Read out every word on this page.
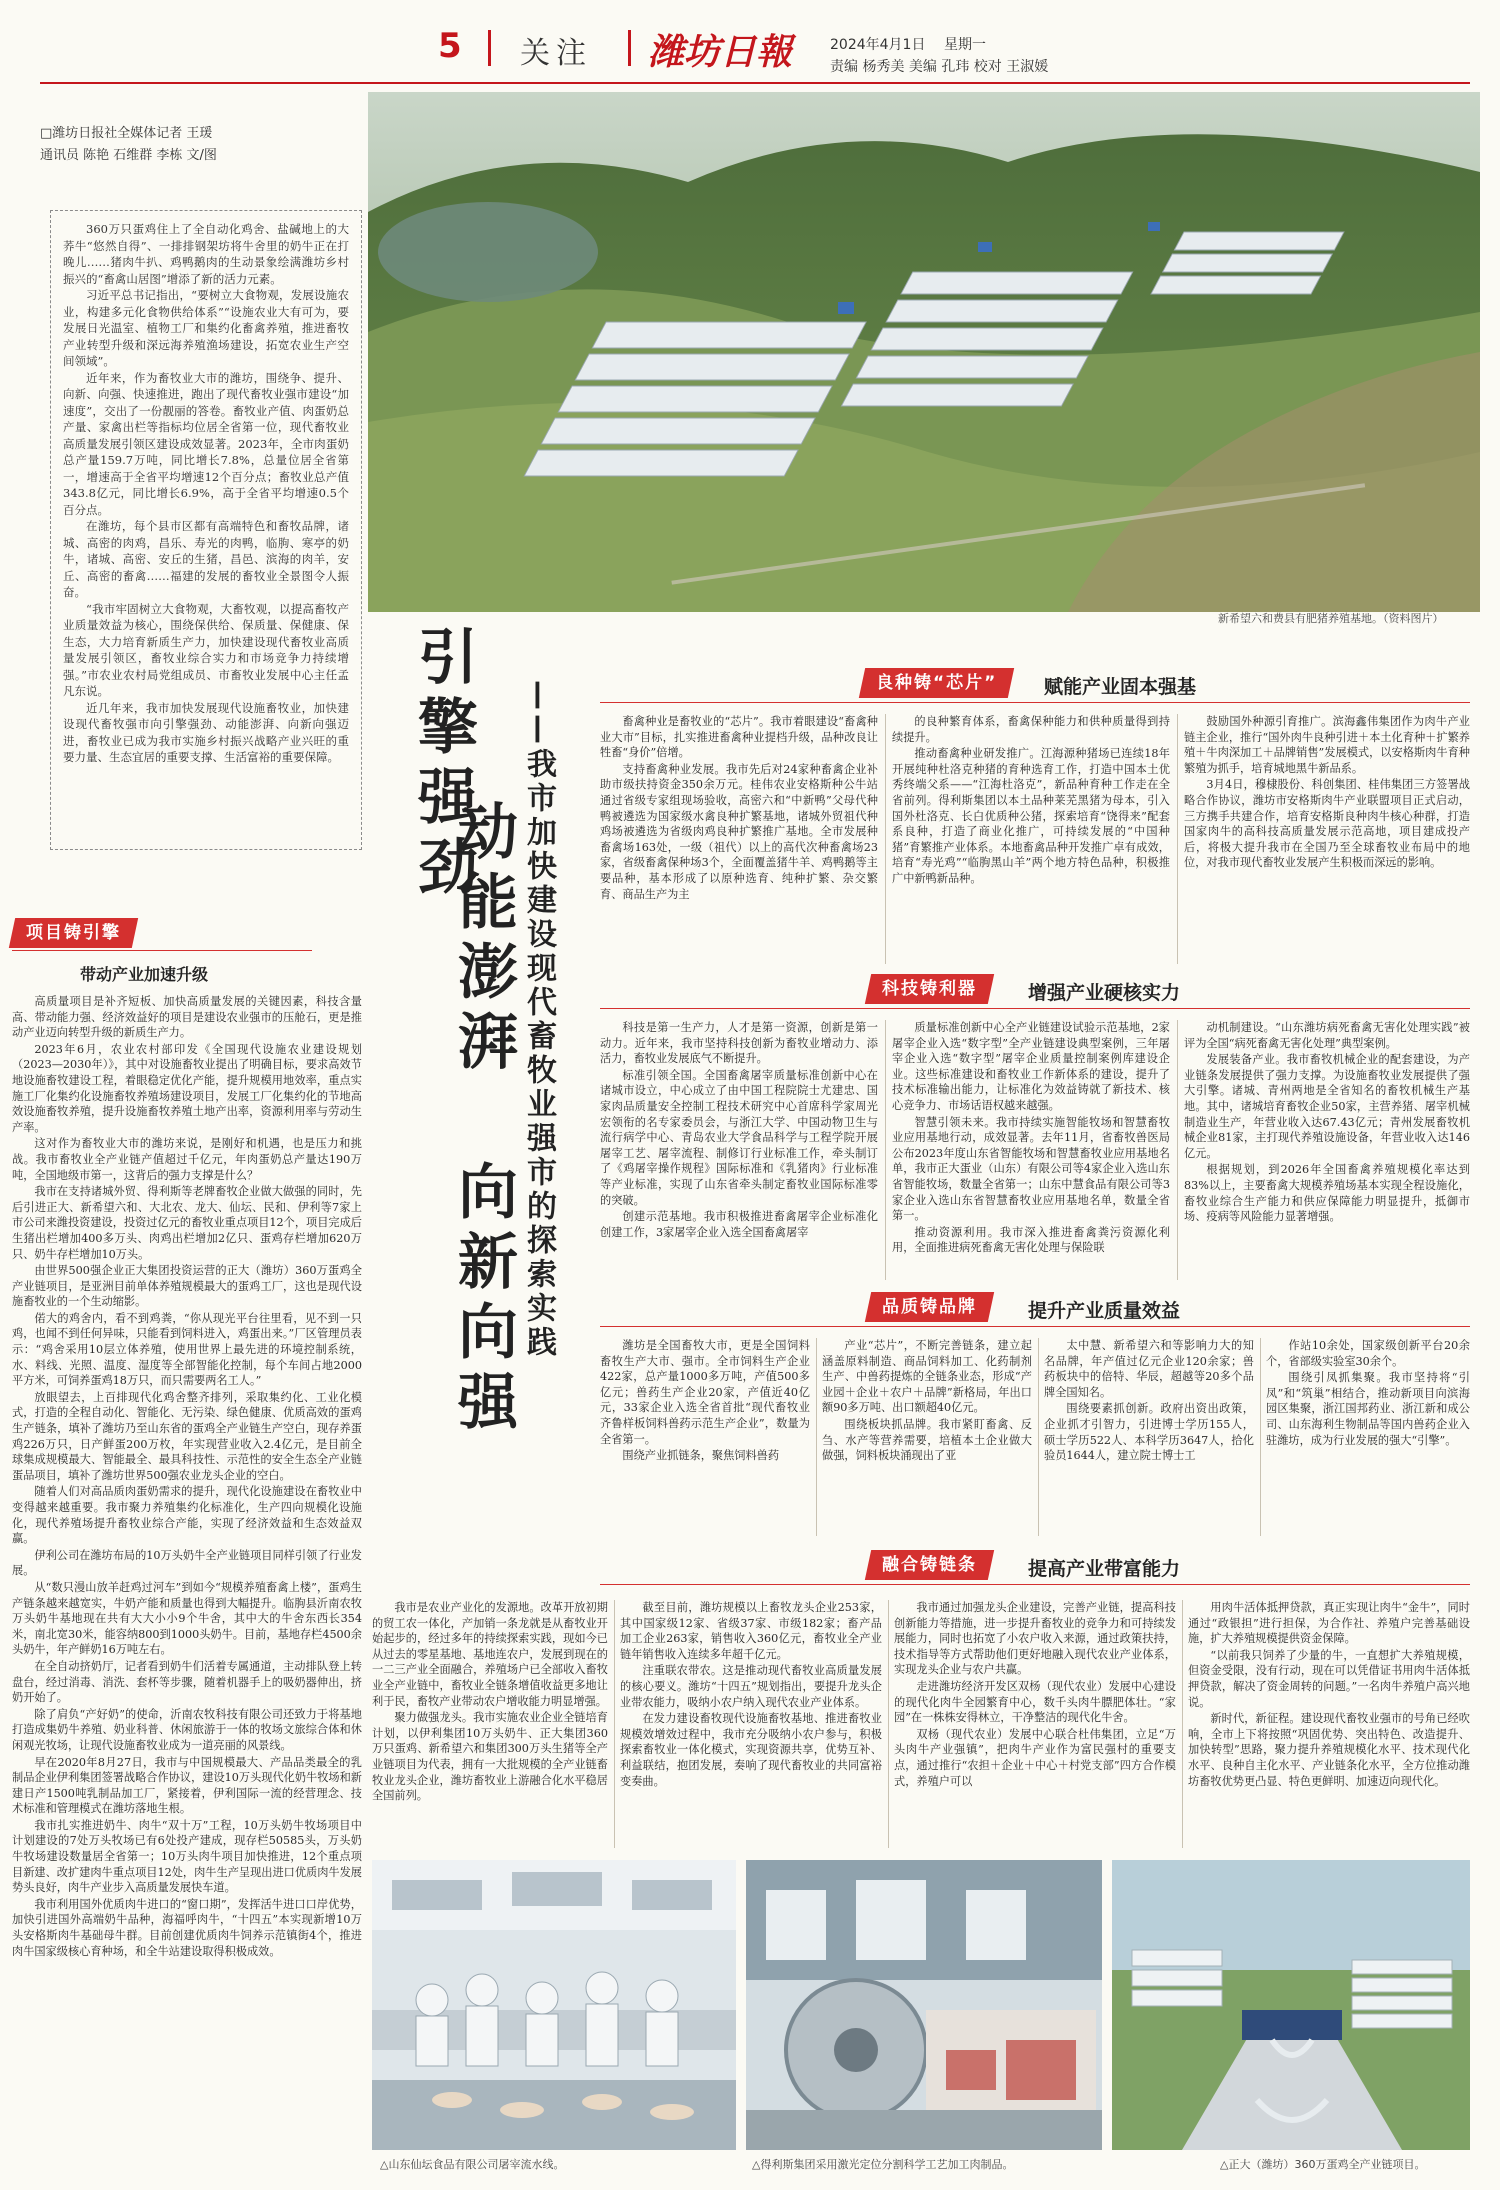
5 关注 潍坊日報	2024年4月1日 星期一
责编 杨秀美 美编 孔玮 校对 王淑媛
□潍坊日报社全媒体记者 王瑗
通讯员 陈艳 石维群 李栋 文/图

360万只蛋鸡住上了全自动化鸡舍、盐碱地上的大荞牛“悠然自得”、一排排钢架坊将牛舍里的奶牛正在打晚儿……猪肉牛扒、鸡鸭鹅肉的生动景象绘满潍坊乡村振兴的“畜禽山居图”增添了新的活力元素。

习近平总书记指出，“要树立大食物观，发展设施农业，构建多元化食物供给体系”“设施农业大有可为，要发展日光温室、植物工厂和集约化畜禽养殖，推进畜牧产业转型升级和深远海养殖渔场建设，拓宽农业生产空间领域”。

近年来，作为畜牧业大市的潍坊，围绕争、提升、向新、向强、快速推进，跑出了现代畜牧业强市建设“加速度”，交出了一份靓丽的答卷。畜牧业产值、肉蛋奶总产量、家禽出栏等指标均位居全省第一位，现代畜牧业高质量发展引领区建设成效显著。2023年，全市肉蛋奶总产量159.7万吨，同比增长7.8%，总量位居全省第一，增速高于全省平均增速12个百分点；畜牧业总产值343.8亿元，同比增长6.9%，高于全省平均增速0.5个百分点。

在潍坊，每个县市区都有高端特色和畜牧品牌，诸城、高密的肉鸡，昌乐、寿光的肉鸭，临朐、寒亭的奶牛，诸城、高密、安丘的生猪，昌邑、滨海的肉羊，安丘、高密的畜禽……福建的发展的畜牧业全景图令人振奋。

“我市牢固树立大食物观，大畜牧观，以提高畜牧产业质量效益为核心，围绕保供给、保质量、保健康、保生态，大力培育新质生产力，加快建设现代畜牧业高质量发展引领区，畜牧业综合实力和市场竞争力持续增强。”市农业农村局党组成员、市畜牧业发展中心主任孟凡东说。

近几年来，我市加快发展现代设施畜牧业，加快建设现代畜牧强市向引擎强劲、动能澎湃、向新向强迈进，畜牧业已成为我市实施乡村振兴战略产业兴旺的重要力量、生态宜居的重要支撑、生活富裕的重要保障。

新希望六和费县有肥猪养殖基地。（资料图片）
引擎强劲
动能澎湃
向新向强 ——我市加快建设现代畜牧业强市的探索实践
项目铸引擎
带动产业加速升级

高质量项目是补齐短板、加快高质量发展的关键因素，科技含量高、带动能力强、经济效益好的项目是建设农业强市的压舱石，更是推动产业迈向转型升级的新质生产力。

2023年6月，农业农村部印发《全国现代设施农业建设规划（2023—2030年）》，其中对设施畜牧业提出了明确目标，要求高效节地设施畜牧建设工程，着眼稳定优化产能，提升规模用地效率，重点实施工厂化集约化设施畜牧养殖场建设项目，发展工厂化集约化的节地高效设施畜牧养殖，提升设施畜牧养殖土地产出率，资源利用率与劳动生产率。

这对作为畜牧业大市的潍坊来说，是刚好和机遇，也是压力和挑战。我市畜牧业全产业链产值超过千亿元，年肉蛋奶总产量达190万吨，全国地级市第一，这背后的强力支撑是什么？

我市在支持诸城外贸、得利斯等老牌畜牧企业做大做强的同时，先后引进正大、新希望六和、大北农、龙大、仙坛、民和、伊利等7家上市公司来潍投资建设，投资过亿元的畜牧业重点项目12个，项目完成后生猪出栏增加400多万头、肉鸡出栏增加2亿只、蛋鸡存栏增加620万只、奶牛存栏增加10万头。

由世界500强企业正大集团投资运营的正大（潍坊）360万蛋鸡全产业链项目，是亚洲目前单体养殖规模最大的蛋鸡工厂，这也是现代设施畜牧业的一个生动缩影。

偌大的鸡舍内，看不到鸡粪，“你从现光平台往里看，见不到一只鸡，也闻不到任何异味，只能看到饲料进入，鸡蛋出来。”厂区管理员表示：“鸡舍采用10层立体养殖，使用世界上最先进的环境控制系统，水、料线、光照、温度、湿度等全部智能化控制，每个车间占地2000平方米，可饲养蛋鸡18万只，而只需要两名工人。”

放眼望去，上百排现代化鸡舍整齐排列，采取集约化、工业化模式，打造的全程自动化、智能化、无污染、绿色健康、优质高效的蛋鸡生产链条，填补了潍坊乃至山东省的蛋鸡全产业链生产空白，现存养蛋鸡226万只，日产鲜蛋200万枚，年实现营业收入2.4亿元，是目前全球集成规模最大、智能最全、最具科技性、示范性的安全生态全产业链蛋品项目，填补了潍坊世界500强农业龙头企业的空白。

随着人们对高品质肉蛋奶需求的提升，现代化设施建设在畜牧业中变得越来越重要。我市聚力养殖集约化标准化，生产四向规模化设施化，现代养殖场提升畜牧业综合产能，实现了经济效益和生态效益双赢。

伊利公司在潍坊布局的10万头奶牛全产业链项目同样引领了行业发展。

从“数只漫山放羊赶鸡过河车”到如今“规模养殖畜禽上楼”，蛋鸡生产链条越来越宽实，牛奶产能和质量也得到大幅提升。临朐县沂南农牧万头奶牛基地现在共有大大小小9个牛舍，其中大的牛舍东西长354米，南北宽30米，能容纳800到1000头奶牛。目前，基地存栏4500余头奶牛，年产鲜奶16万吨左右。

在全自动挤奶厅，记者看到奶牛们活着专属通道，主动排队登上转盘台，经过消毒、消洗、套杯等步骤，随着机器手上的吸奶器伸出，挤奶开始了。

除了肩负“产好奶”的使命，沂南农牧科技有限公司还致力于将基地打造成集奶牛养殖、奶业科普、休闲旅游于一体的牧场文旅综合体和休闲观光牧场，让现代设施畜牧业成为一道亮丽的风景线。

早在2020年8月27日，我市与中国规模最大、产品品类最全的乳制品企业伊利集团签署战略合作协议，建设10万头现代化奶牛牧场和新建日产1500吨乳制品加工厂，紧接着，伊利国际一流的经营理念、技术标准和管理模式在潍坊落地生根。

我市扎实推进奶牛、肉牛“双十万”工程，10万头奶牛牧场项目中计划建设的7处万头牧场已有6处投产建成，现存栏50585头，万头奶牛牧场建设数量居全省第一；10万头肉牛项目加快推进，12个重点项目新建、改扩建肉牛重点项目12处，肉牛生产呈现出进口优质肉牛发展势头良好，肉牛产业步入高质量发展快车道。

我市利用国外优质肉牛进口的“窗口期”，发挥活牛进口口岸优势，加快引进国外高端奶牛品种，海福呼肉牛，“十四五”本实现新增10万头安格斯肉牛基础母牛群。目前创建优质肉牛饲养示范镇街4个，推进肉牛国家级核心育种场，和全牛站建设取得积极成效。

良种铸“芯片”	赋能产业固本强基

畜禽种业是畜牧业的“芯片”。我市着眼建设“畜禽种业大市”目标，扎实推进畜禽种业提档升级，品种改良让牲畜“身价”倍增。

支持畜禽种业发展。我市先后对24家种畜禽企业补助市级扶持资金350余万元。桂伟农业安格斯种公牛站通过省级专家组现场验收，高密六和“中新鸭”父母代种鸭被遴选为国家级水禽良种扩繁基地，诸城外贸祖代种鸡场被遴选为省级肉鸡良种扩繁推广基地。全市发展种畜禽场163处，一级（祖代）以上的高代次种畜禽场23家，省级畜禽保种场3个，全面覆盖猪牛羊、鸡鸭鹅等主要品种，基本形成了以原种选育、纯种扩繁、杂交繁育、商品生产为主

的良种繁育体系，畜禽保种能力和供种质量得到持续提升。

推动畜禽种业研发推广。江海源种猪场已连续18年开展纯种杜洛克种猪的育种选育工作，打造中国本土优秀终端父系——“江海杜洛克”，新品种育种工作走在全省前列。得利斯集团以本土品种莱芜黑猪为母本，引入国外杜洛克、长白优质种公猪，探索培育“饶得来”配套系良种，打造了商业化推广，可持续发展的“中国种猪”育繁推产业体系。本地畜禽品种开发推广卓有成效，培育“寿光鸡”“临朐黑山羊”两个地方特色品种，积极推广中新鸭新品种。

鼓励国外种源引育推广。滨海鑫伟集团作为肉牛产业链主企业，推行“国外肉牛良种引进＋本土化育种＋扩繁养殖＋牛肉深加工＋品牌销售”发展模式，以安格斯肉牛育种繁殖为抓手，培育城地黑牛新品系。

3月4日，穆棣股份、科创集团、桂伟集团三方签署战略合作协议，潍坊市安格斯肉牛产业联盟项目正式启动，三方携手共建合作，培育安格斯良种肉牛核心种群，打造国家肉牛的高科技高质量发展示范高地，项目建成投产后，将极大提升我市在全国乃至全球畜牧业布局中的地位，对我市现代畜牧业发展产生积极而深远的影响。

科技铸利器	增强产业硬核实力

科技是第一生产力，人才是第一资源，创新是第一动力。近年来，我市坚持科技创新为畜牧业增动力、添活力，畜牧业发展底气不断提升。

标准引领全国。全国畜禽屠宰质量标准创新中心在诸城市设立，中心成立了由中国工程院院士尤建忠、国家肉品质量安全控制工程技术研究中心首席科学家周光宏领衔的名专家委员会，与浙江大学、中国动物卫生与流行病学中心、青岛农业大学食品科学与工程学院开展屠宰工艺、屠宰流程、制修订行业标准工作，牵头制订了《鸡屠宰操作规程》国际标准和《乳猪肉》行业标准等产业标准，实现了山东省牵头制定畜牧业国际标准零的突破。

创建示范基地。我市积极推进畜禽屠宰企业标准化创建工作，3家屠宰企业入选全国畜禽屠宰

质量标准创新中心全产业链建设试验示范基地，2家屠宰企业入选“数字型”全产业链建设典型案例，三年屠宰企业入选“数字型”屠宰企业质量控制案例库建设企业。这些标准建设和畜牧业工作新体系的建设，提升了技术标准输出能力，让标准化为效益铸就了新技术、核心竞争力、市场话语权越来越强。

智慧引领未来。我市持续实施智能牧场和智慧畜牧业应用基地行动，成效显著。去年11月，省畜牧兽医局公布2023年度山东省智能牧场和智慧畜牧业应用基地名单，我市正大蛋业（山东）有限公司等4家企业入选山东省智能牧场，数量全省第一；山东中慧食品有限公司等3家企业入选山东省智慧畜牧业应用基地名单，数量全省第一。

推动资源利用。我市深入推进畜禽粪污资源化利用，全面推进病死畜禽无害化处理与保险联

动机制建设。“山东潍坊病死畜禽无害化处理实践”被评为全国“病死畜禽无害化处理”典型案例。

发展装备产业。我市畜牧机械企业的配套建设，为产业链条发展提供了强力支撑。为设施畜牧业发展提供了强大引擎。诸城、青州两地是全省知名的畜牧机械生产基地。其中，诸城培育畜牧企业50家，主营养猪、屠宰机械制造业生产，年营业收入达67.43亿元；青州发展畜牧机械企业81家，主打现代养殖设施设备，年营业收入达146亿元。

根据规划，到2026年全国畜禽养殖规模化率达到83%以上，主要畜禽大规模养殖场基本实现全程设施化，畜牧业综合生产能力和供应保障能力明显提升，抵御市场、疫病等风险能力显著增强。

品质铸品牌	提升产业质量效益

潍坊是全国畜牧大市，更是全国饲料畜牧生产大市、强市。全市饲料生产企业422家，总产量1000多万吨，产值500多亿元；兽药生产企业20家，产值近40亿元，33家企业入选全省首批“现代畜牧业齐鲁样板饲料兽药示范生产企业”，数量为全省第一。

围绕产业抓链条，聚焦饲料兽药

产业“芯片”，不断完善链条，建立起涵盖原料制造、商品饲料加工、化药制剂生产、中兽药提炼的全链条业态，形成“产业园＋企业＋农户＋品牌”新格局，年出口额90多万吨、出口额超40亿元。

围绕板块抓品牌。我市紧盯畜禽、反刍、水产等营养需要，培植本土企业做大做强，饲料板块涌现出了亚

太中慧、新希望六和等影响力大的知名品牌，年产值过亿元企业120余家；兽药板块中的倍特、华辰，超越等20多个品牌全国知名。

围绕要素抓创新。政府出资出政策，企业抓才引智力，引进博士学历155人，硕士学历522人、本科学历3647人，拾化验员1644人，建立院士博士工

作站10余处，国家级创新平台20余个，省部级实验室30余个。

围绕引凤抓集聚。我市坚持将“引凤”和“筑巢”相结合，推动新项目向滨海园区集聚，浙江国邦药业、浙江新和成公司、山东海利生物制品等国内兽药企业入驻潍坊，成为行业发展的强大“引擎”。

融合铸链条	提高产业带富能力

我市是农业产业化的发源地。改革开放初期的贸工农一体化，产加销一条龙就是从畜牧业开始起步的，经过多年的持续探索实践，现如今已从过去的零星基地、基地连农户，发展到现在的一二三产业全面融合，养殖场户已全部收入畜牧业全产业链中，畜牧业全链条增值收益更多地让利于民，畜牧产业带动农户增收能力明显增强。

聚力做强龙头。我市实施农业企业全链培育计划，以伊利集团10万头奶牛、正大集团360万只蛋鸡、新希望六和集团300万头生猪等全产业链项目为代表，拥有一大批规模的全产业链畜牧业龙头企业，潍坊畜牧业上游融合化水平稳居全国前列。

截至目前，潍坊规模以上畜牧龙头企业253家，其中国家级12家、省级37家、市级182家；畜产品加工企业263家，销售收入360亿元，畜牧业全产业链年销售收入连续多年超千亿元。

注重联农带农。这是推动现代畜牧业高质量发展的核心要义。潍坊“十四五”规划指出，要提升龙头企业带农能力，吸纳小农户纳入现代农业产业体系。

在发力建设畜牧现代设施畜牧基地、推进畜牧业规模效增效过程中，我市充分吸纳小农户参与，积极探索畜牧业一体化模式，实现资源共享，优势互补、利益联结，抱团发展，奏响了现代畜牧业的共同富裕变奏曲。

我市通过加强龙头企业建设，完善产业链，提高科技创新能力等措施，进一步提升畜牧业的竞争力和可持续发展能力，同时也拓宽了小农户收入来源，通过政策扶持，技术指导等方式帮助他们更好地融入现代农业产业体系，实现龙头企业与农户共赢。

走进潍坊经济开发区双杨（现代农业）发展中心建设的现代化肉牛全园繁育中心，数千头肉牛膘肥体壮。“家园”在一株株安得林立，干净整洁的现代化牛舍。

双杨（现代农业）发展中心联合杜伟集团，立足“万头肉牛产业强镇”，把肉牛产业作为富民强村的重要支点，通过推行“农担＋企业＋中心＋村党支部”四方合作模式，养殖户可以

用肉牛活体抵押贷款，真正实现让肉牛“金牛”，同时通过“政银担”进行担保，为合作社、养殖户完善基础设施，扩大养殖规模提供资金保障。

“以前我只饲养了少量的牛，一直想扩大养殖规模，但资金受限，没有行动，现在可以凭借证书用肉牛活体抵押贷款，解决了资金周转的问题。”一名肉牛养殖户高兴地说。

新时代，新征程。建设现代畜牧业强市的号角已经吹响，全市上下将按照“巩固优势、突出特色、改造提升、加快转型”思路，聚力提升养殖规模化水平、技术现代化水平、良种自主化水平、产业链条化水平，全方位推动潍坊畜牧优势更凸显、特色更鲜明、加速迈向现代化。

△山东仙坛食品有限公司屠宰流水线。	△得利斯集团采用激光定位分割科学工艺加工肉制品。	△正大（潍坊）360万蛋鸡全产业链项目。
